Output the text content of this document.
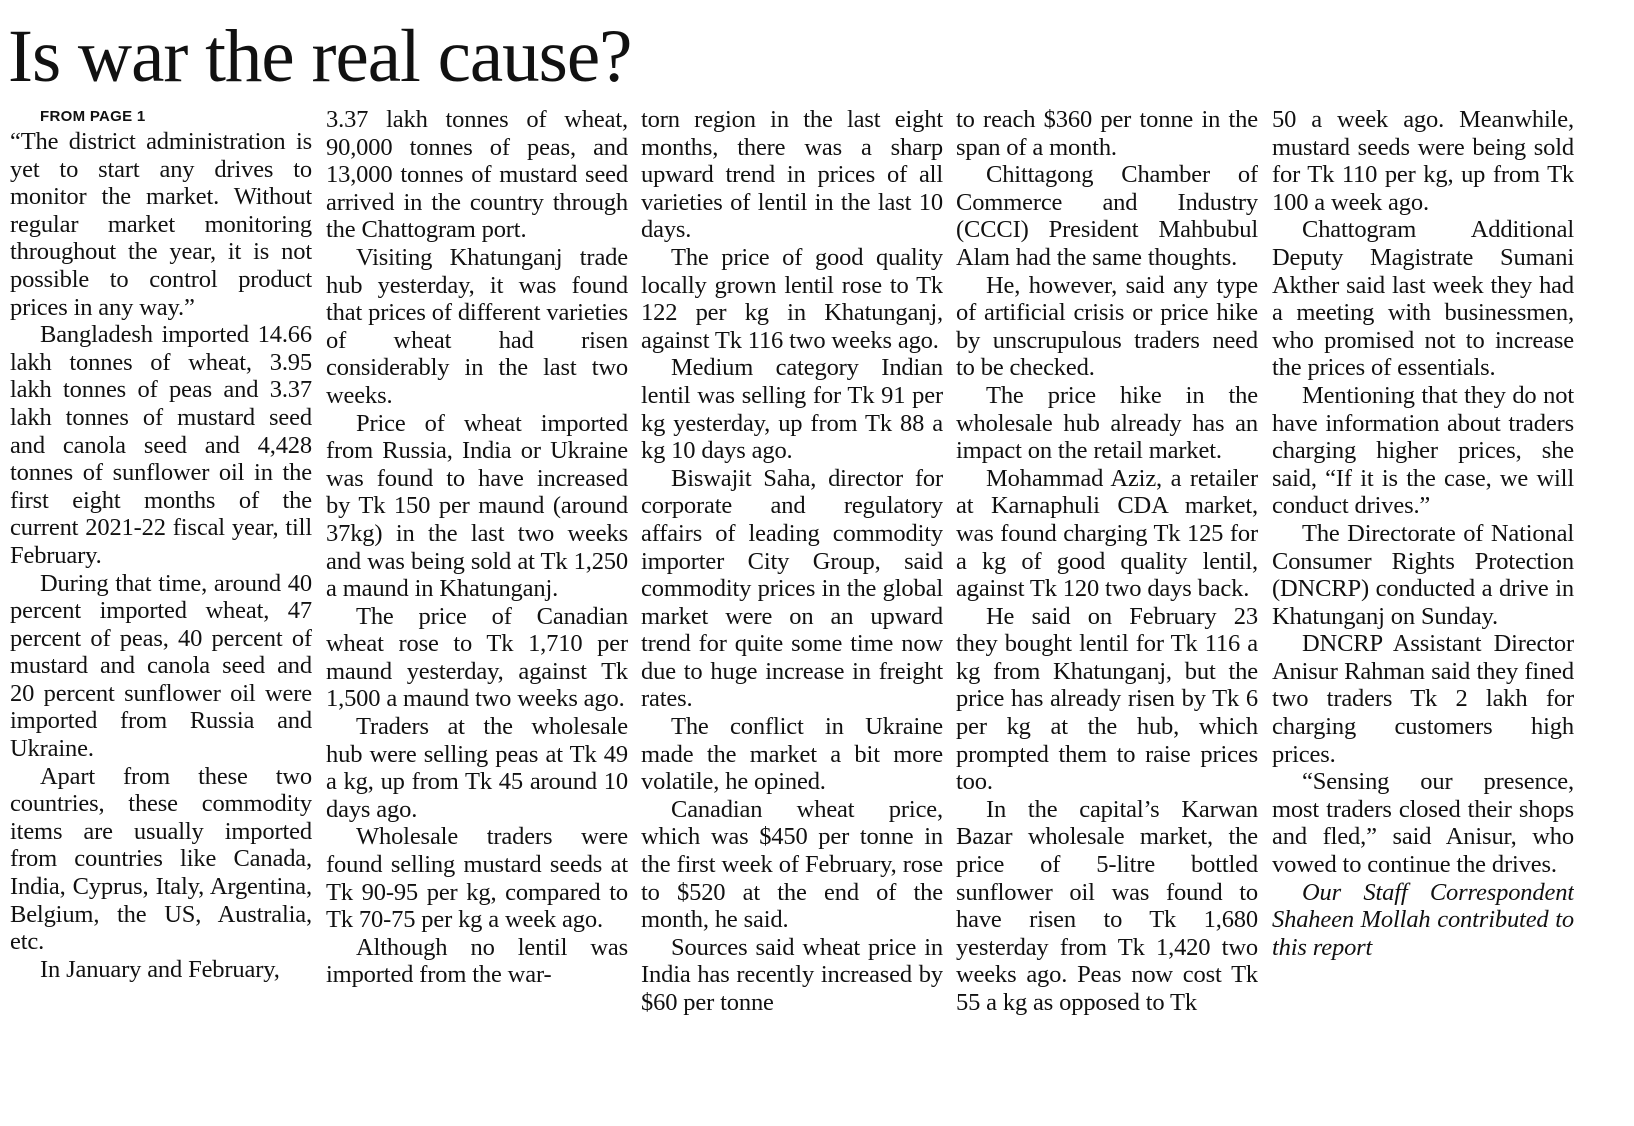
Is war the real cause?

FROM PAGE 1

“The district administration is yet to start any drives to monitor the market. Without regular market monitoring throughout the year, it is not possible to control product prices in any way.”

Bangladesh imported 14.66 lakh tonnes of wheat, 3.95 lakh tonnes of peas and 3.37 lakh tonnes of mustard seed and canola seed and 4,428 tonnes of sunflower oil in the first eight months of the current 2021-22 fiscal year, till February.

During that time, around 40 percent imported wheat, 47 percent of peas, 40 percent of mustard and canola seed and 20 percent sunflower oil were imported from Russia and Ukraine.

Apart from these two countries, these commodity items are usually imported from countries like Canada, India, Cyprus, Italy, Argentina, Belgium, the US, Australia, etc.

In January and February,

3.37 lakh tonnes of wheat, 90,000 tonnes of peas, and 13,000 tonnes of mustard seed arrived in the country through the Chattogram port.

Visiting Khatunganj trade hub yesterday, it was found that prices of different varieties of wheat had risen considerably in the last two weeks.

Price of wheat imported from Russia, India or Ukraine was found to have increased by Tk 150 per maund (around 37kg) in the last two weeks and was being sold at Tk 1,250 a maund in Khatunganj.

The price of Canadian wheat rose to Tk 1,710 per maund yesterday, against Tk 1,500 a maund two weeks ago.

Traders at the wholesale hub were selling peas at Tk 49 a kg, up from Tk 45 around 10 days ago.

Wholesale traders were found selling mustard seeds at Tk 90-95 per kg, compared to Tk 70-75 per kg a week ago.

Although no lentil was imported from the war-

torn region in the last eight months, there was a sharp upward trend in prices of all varieties of lentil in the last 10 days.

The price of good quality locally grown lentil rose to Tk 122 per kg in Khatunganj, against Tk 116 two weeks ago.

Medium category Indian lentil was selling for Tk 91 per kg yesterday, up from Tk 88 a kg 10 days ago.

Biswajit Saha, director for corporate and regulatory affairs of leading commodity importer City Group, said commodity prices in the global market were on an upward trend for quite some time now due to huge increase in freight rates.

The conflict in Ukraine made the market a bit more volatile, he opined.

Canadian wheat price, which was $450 per tonne in the first week of February, rose to $520 at the end of the month, he said.

Sources said wheat price in India has recently increased by $60 per tonne

to reach $360 per tonne in the span of a month.

Chittagong Chamber of Commerce and Industry (CCCI) President Mahbubul Alam had the same thoughts.

He, however, said any type of artificial crisis or price hike by unscrupulous traders need to be checked.

The price hike in the wholesale hub already has an impact on the retail market.

Mohammad Aziz, a retailer at Karnaphuli CDA market, was found charging Tk 125 for a kg of good quality lentil, against Tk 120 two days back.

He said on February 23 they bought lentil for Tk 116 a kg from Khatunganj, but the price has already risen by Tk 6 per kg at the hub, which prompted them to raise prices too.

In the capital’s Karwan Bazar wholesale market, the price of 5-litre bottled sunflower oil was found to have risen to Tk 1,680 yesterday from Tk 1,420 two weeks ago. Peas now cost Tk 55 a kg as opposed to Tk

50 a week ago. Meanwhile, mustard seeds were being sold for Tk 110 per kg, up from Tk 100 a week ago.

Chattogram Additional Deputy Magistrate Sumani Akther said last week they had a meeting with businessmen, who promised not to increase the prices of essentials.

Mentioning that they do not have information about traders charging higher prices, she said, “If it is the case, we will conduct drives.”

The Directorate of National Consumer Rights Protection (DNCRP) conducted a drive in Khatunganj on Sunday.

DNCRP Assistant Director Anisur Rahman said they fined two traders Tk 2 lakh for charging customers high prices.

“Sensing our presence, most traders closed their shops and fled,” said Anisur, who vowed to continue the drives.

Our Staff Correspondent Shaheen Mollah contributed to this report
